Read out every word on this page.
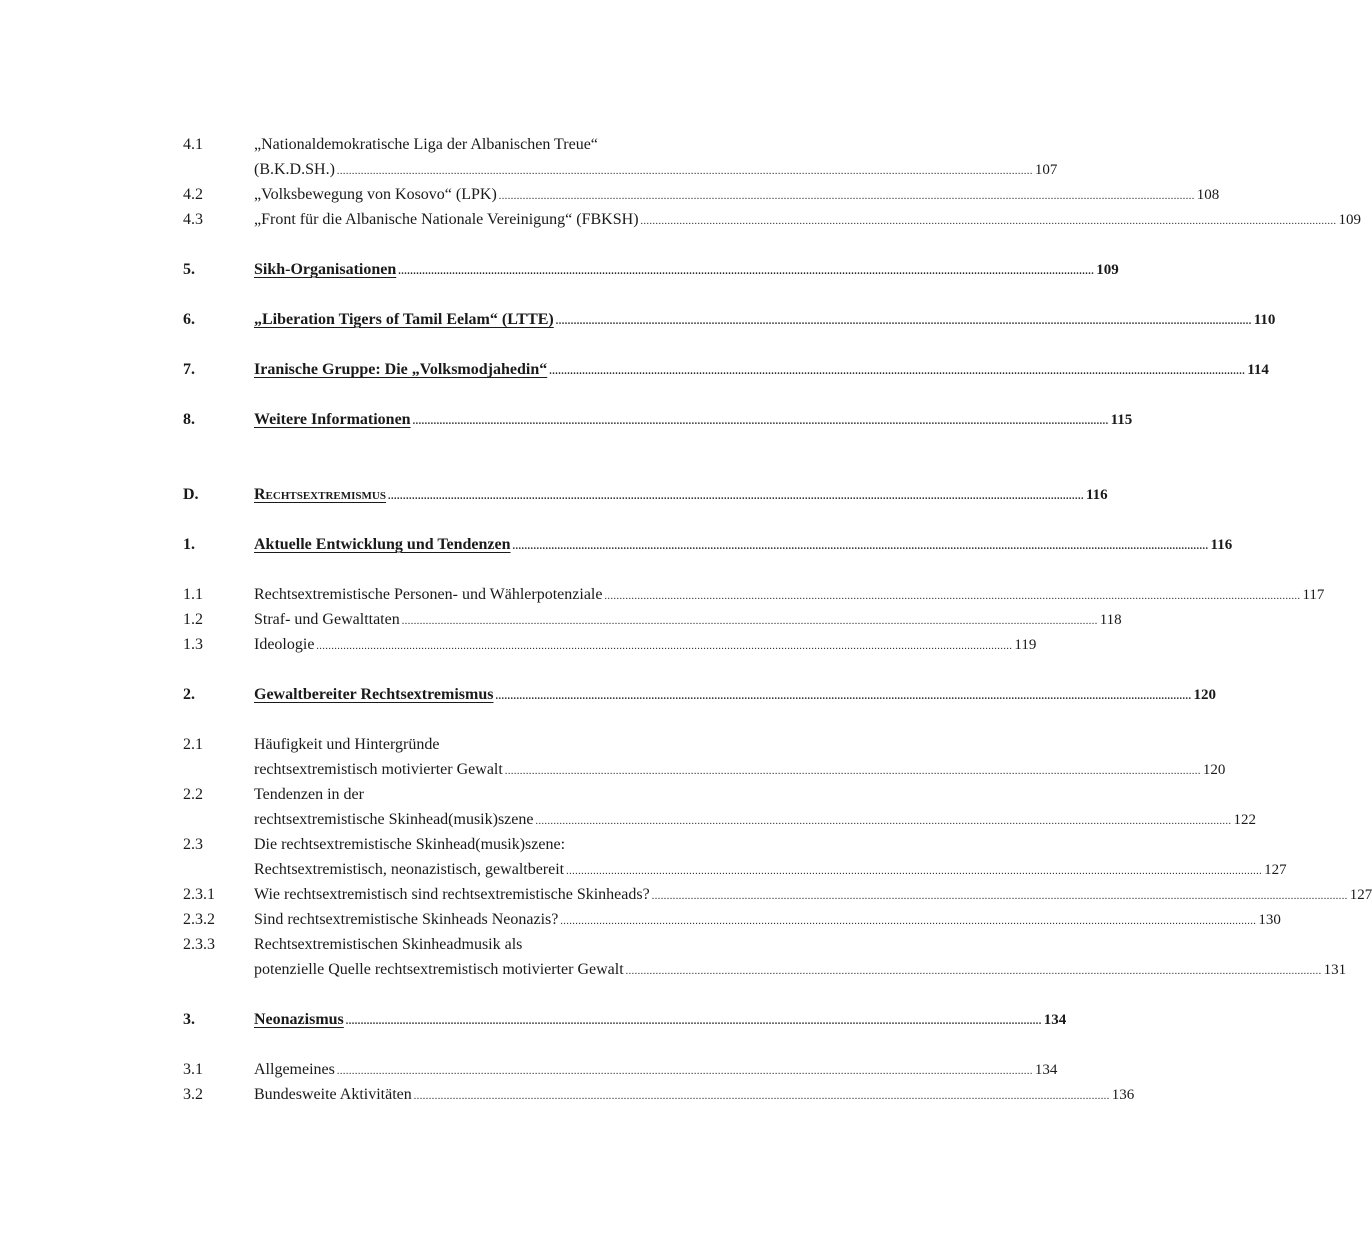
4.1	„Nationaldemokratische Liga der Albanischen Treue“
(B.K.D.SH.) .....	107
4.2	„Volksbewegung von Kosovo“ (LPK) .....	108
4.3	„Front für die Albanische Nationale Vereinigung“ (FBKSH) .....	109
5.	Sikh-Organisationen .....	109
6.	„Liberation Tigers of Tamil Eelam“ (LTTE) .....	110
7.	Iranische Gruppe: Die „Volksmodjahedin“ .....	114
8.	Weitere Informationen .....	115
D.	Rechtsextremismus .....	116
1.	Aktuelle Entwicklung und Tendenzen .....	116
1.1	Rechtsextremistische Personen- und Wählerpotenziale .....	117
1.2	Straf- und Gewalttaten .....	118
1.3	Ideologie .....	119
2.	Gewaltbereiter Rechtsextremismus .....	120
2.1	Häufigkeit und Hintergründe
rechtsextremistisch motivierter Gewalt .....	120
2.2	Tendenzen in der
rechtsextremistische Skinhead(musik)szene .....	122
2.3	Die rechtsextremistische Skinhead(musik)szene:
Rechtsextremistisch, neonazistisch, gewaltbereit .....	127
2.3.1	Wie rechtsextremistisch sind rechtsextremistische Skinheads? .....	127
2.3.2	Sind rechtsextremistische Skinheads Neonazis? .....	130
2.3.3	Rechtsextremistischen Skinheadmusik als
potenzielle Quelle rechtsextremistisch motivierter Gewalt .....	131
3.	Neonazismus .....	134
3.1	Allgemeines .....	134
3.2	Bundesweite Aktivitäten .....	136
